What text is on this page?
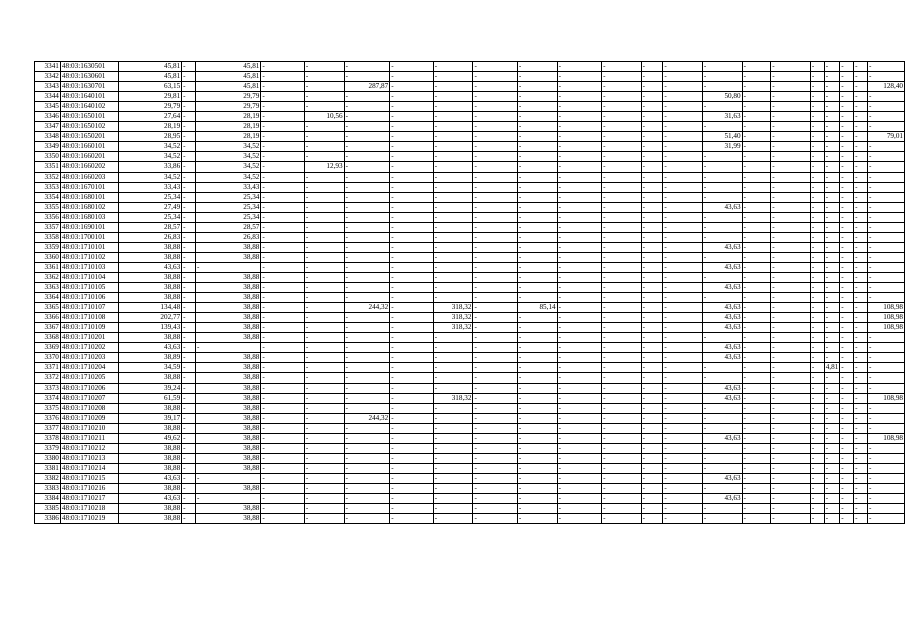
3341	48:03:1630501	45,81	-	45,81	-	-	-	-	-	-	-	-	-	-	-	-	-	-	-	-	-	-	-
3342	48:03:1630601	45,81	-	45,81	-	-	-	-	-	-	-	-	-	-	-	-	-	-	-	-	-	-	-
3343	48:03:1630701	63,15	-	45,81	-	-	287,87	-	-	-	-	-	-	-	-	-	-	-	-	-	-	-	128,40
3344	48:03:1640101	29,81	-	29,79	-	-	-	-	-	-	-	-	-	-	-	50,80	-	-	-	-	-	-	-
3345	48:03:1640102	29,79	-	29,79	-	-	-	-	-	-	-	-	-	-	-	-	-	-	-	-	-	-	-
3346	48:03:1650101	27,64	-	28,19	-	10,56	-	-	-	-	-	-	-	-	-	31,63	-	-	-	-	-	-	-
3347	48:03:1650102	28,19	-	28,19	-	-	-	-	-	-	-	-	-	-	-	-	-	-	-	-	-	-	-
3348	48:03:1650201	28,95	-	28,19	-	-	-	-	-	-	-	-	-	-	-	51,40	-	-	-	-	-	-	79,01
3349	48:03:1660101	34,52	-	34,52	-	-	-	-	-	-	-	-	-	-	-	31,99	-	-	-	-	-	-	-
3350	48:03:1660201	34,52	-	34,52	-	-	-	-	-	-	-	-	-	-	-	-	-	-	-	-	-	-	-
3351	48:03:1660202	33,86	-	34,52	-	12,93	-	-	-	-	-	-	-	-	-	-	-	-	-	-	-	-	-
3352	48:03:1660203	34,52	-	34,52	-	-	-	-	-	-	-	-	-	-	-	-	-	-	-	-	-	-	-
3353	48:03:1670101	33,43	-	33,43	-	-	-	-	-	-	-	-	-	-	-	-	-	-	-	-	-	-	-
3354	48:03:1680101	25,34	-	25,34	-	-	-	-	-	-	-	-	-	-	-	-	-	-	-	-	-	-	-
3355	48:03:1680102	27,49	-	25,34	-	-	-	-	-	-	-	-	-	-	-	43,63	-	-	-	-	-	-	-
3356	48:03:1680103	25,34	-	25,34	-	-	-	-	-	-	-	-	-	-	-	-	-	-	-	-	-	-	-
3357	48:03:1690101	28,57	-	28,57	-	-	-	-	-	-	-	-	-	-	-	-	-	-	-	-	-	-	-
3358	48:03:1700101	26,83	-	26,83	-	-	-	-	-	-	-	-	-	-	-	-	-	-	-	-	-	-	-
3359	48:03:1710101	38,88	-	38,88	-	-	-	-	-	-	-	-	-	-	-	43,63	-	-	-	-	-	-	-
3360	48:03:1710102	38,88	-	38,88	-	-	-	-	-	-	-	-	-	-	-	-	-	-	-	-	-	-	-
3361	48:03:1710103	43,63	-	-	-	-	-	-	-	-	-	-	-	-	-	43,63	-	-	-	-	-	-	-
3362	48:03:1710104	38,88	-	38,88	-	-	-	-	-	-	-	-	-	-	-	-	-	-	-	-	-	-	-
3363	48:03:1710105	38,88	-	38,88	-	-	-	-	-	-	-	-	-	-	-	43,63	-	-	-	-	-	-	-
3364	48:03:1710106	38,88	-	38,88	-	-	-	-	-	-	-	-	-	-	-	-	-	-	-	-	-	-	-
3365	48:03:1710107	134,48	-	38,88	-	-	244,32	-	318,32	-	85,14	-	-	-	-	43,63	-	-	-	-	-	-	108,98
3366	48:03:1710108	202,77	-	38,88	-	-	-	-	318,32	-	-	-	-	-	-	43,63	-	-	-	-	-	-	108,98
3367	48:03:1710109	139,43	-	38,88	-	-	-	-	318,32	-	-	-	-	-	-	43,63	-	-	-	-	-	-	108,98
3368	48:03:1710201	38,88	-	38,88	-	-	-	-	-	-	-	-	-	-	-	-	-	-	-	-	-	-	-
3369	48:03:1710202	43,63	-	-	-	-	-	-	-	-	-	-	-	-	-	43,63	-	-	-	-	-	-	-
3370	48:03:1710203	38,89	-	38,88	-	-	-	-	-	-	-	-	-	-	-	43,63	-	-	-	-	-	-	-
3371	48:03:1710204	34,59	-	38,88	-	-	-	-	-	-	-	-	-	-	-	-	-	-	-	4,81	-	-	-
3372	48:03:1710205	38,88	-	38,88	-	-	-	-	-	-	-	-	-	-	-	-	-	-	-	-	-	-	-
3373	48:03:1710206	39,24	-	38,88	-	-	-	-	-	-	-	-	-	-	-	43,63	-	-	-	-	-	-	-
3374	48:03:1710207	61,59	-	38,88	-	-	-	-	318,32	-	-	-	-	-	-	43,63	-	-	-	-	-	-	108,98
3375	48:03:1710208	38,88	-	38,88	-	-	-	-	-	-	-	-	-	-	-	-	-	-	-	-	-	-	-
3376	48:03:1710209	39,17	-	38,88	-	-	244,32	-	-	-	-	-	-	-	-	-	-	-	-	-	-	-	-
3377	48:03:1710210	38,88	-	38,88	-	-	-	-	-	-	-	-	-	-	-	-	-	-	-	-	-	-	-
3378	48:03:1710211	49,62	-	38,88	-	-	-	-	-	-	-	-	-	-	-	43,63	-	-	-	-	-	-	108,98
3379	48:03:1710212	38,88	-	38,88	-	-	-	-	-	-	-	-	-	-	-	-	-	-	-	-	-	-	-
3380	48:03:1710213	38,88	-	38,88	-	-	-	-	-	-	-	-	-	-	-	-	-	-	-	-	-	-	-
3381	48:03:1710214	38,88	-	38,88	-	-	-	-	-	-	-	-	-	-	-	-	-	-	-	-	-	-	-
3382	48:03:1710215	43,63	-	-	-	-	-	-	-	-	-	-	-	-	-	43,63	-	-	-	-	-	-	-
3383	48:03:1710216	38,88	-	38,88	-	-	-	-	-	-	-	-	-	-	-	-	-	-	-	-	-	-	-
3384	48:03:1710217	43,63	-	-	-	-	-	-	-	-	-	-	-	-	-	43,63	-	-	-	-	-	-	-
3385	48:03:1710218	38,88	-	38,88	-	-	-	-	-	-	-	-	-	-	-	-	-	-	-	-	-	-	-
3386	48:03:1710219	38,88	-	38,88	-	-	-	-	-	-	-	-	-	-	-	-	-	-	-	-	-	-	-
